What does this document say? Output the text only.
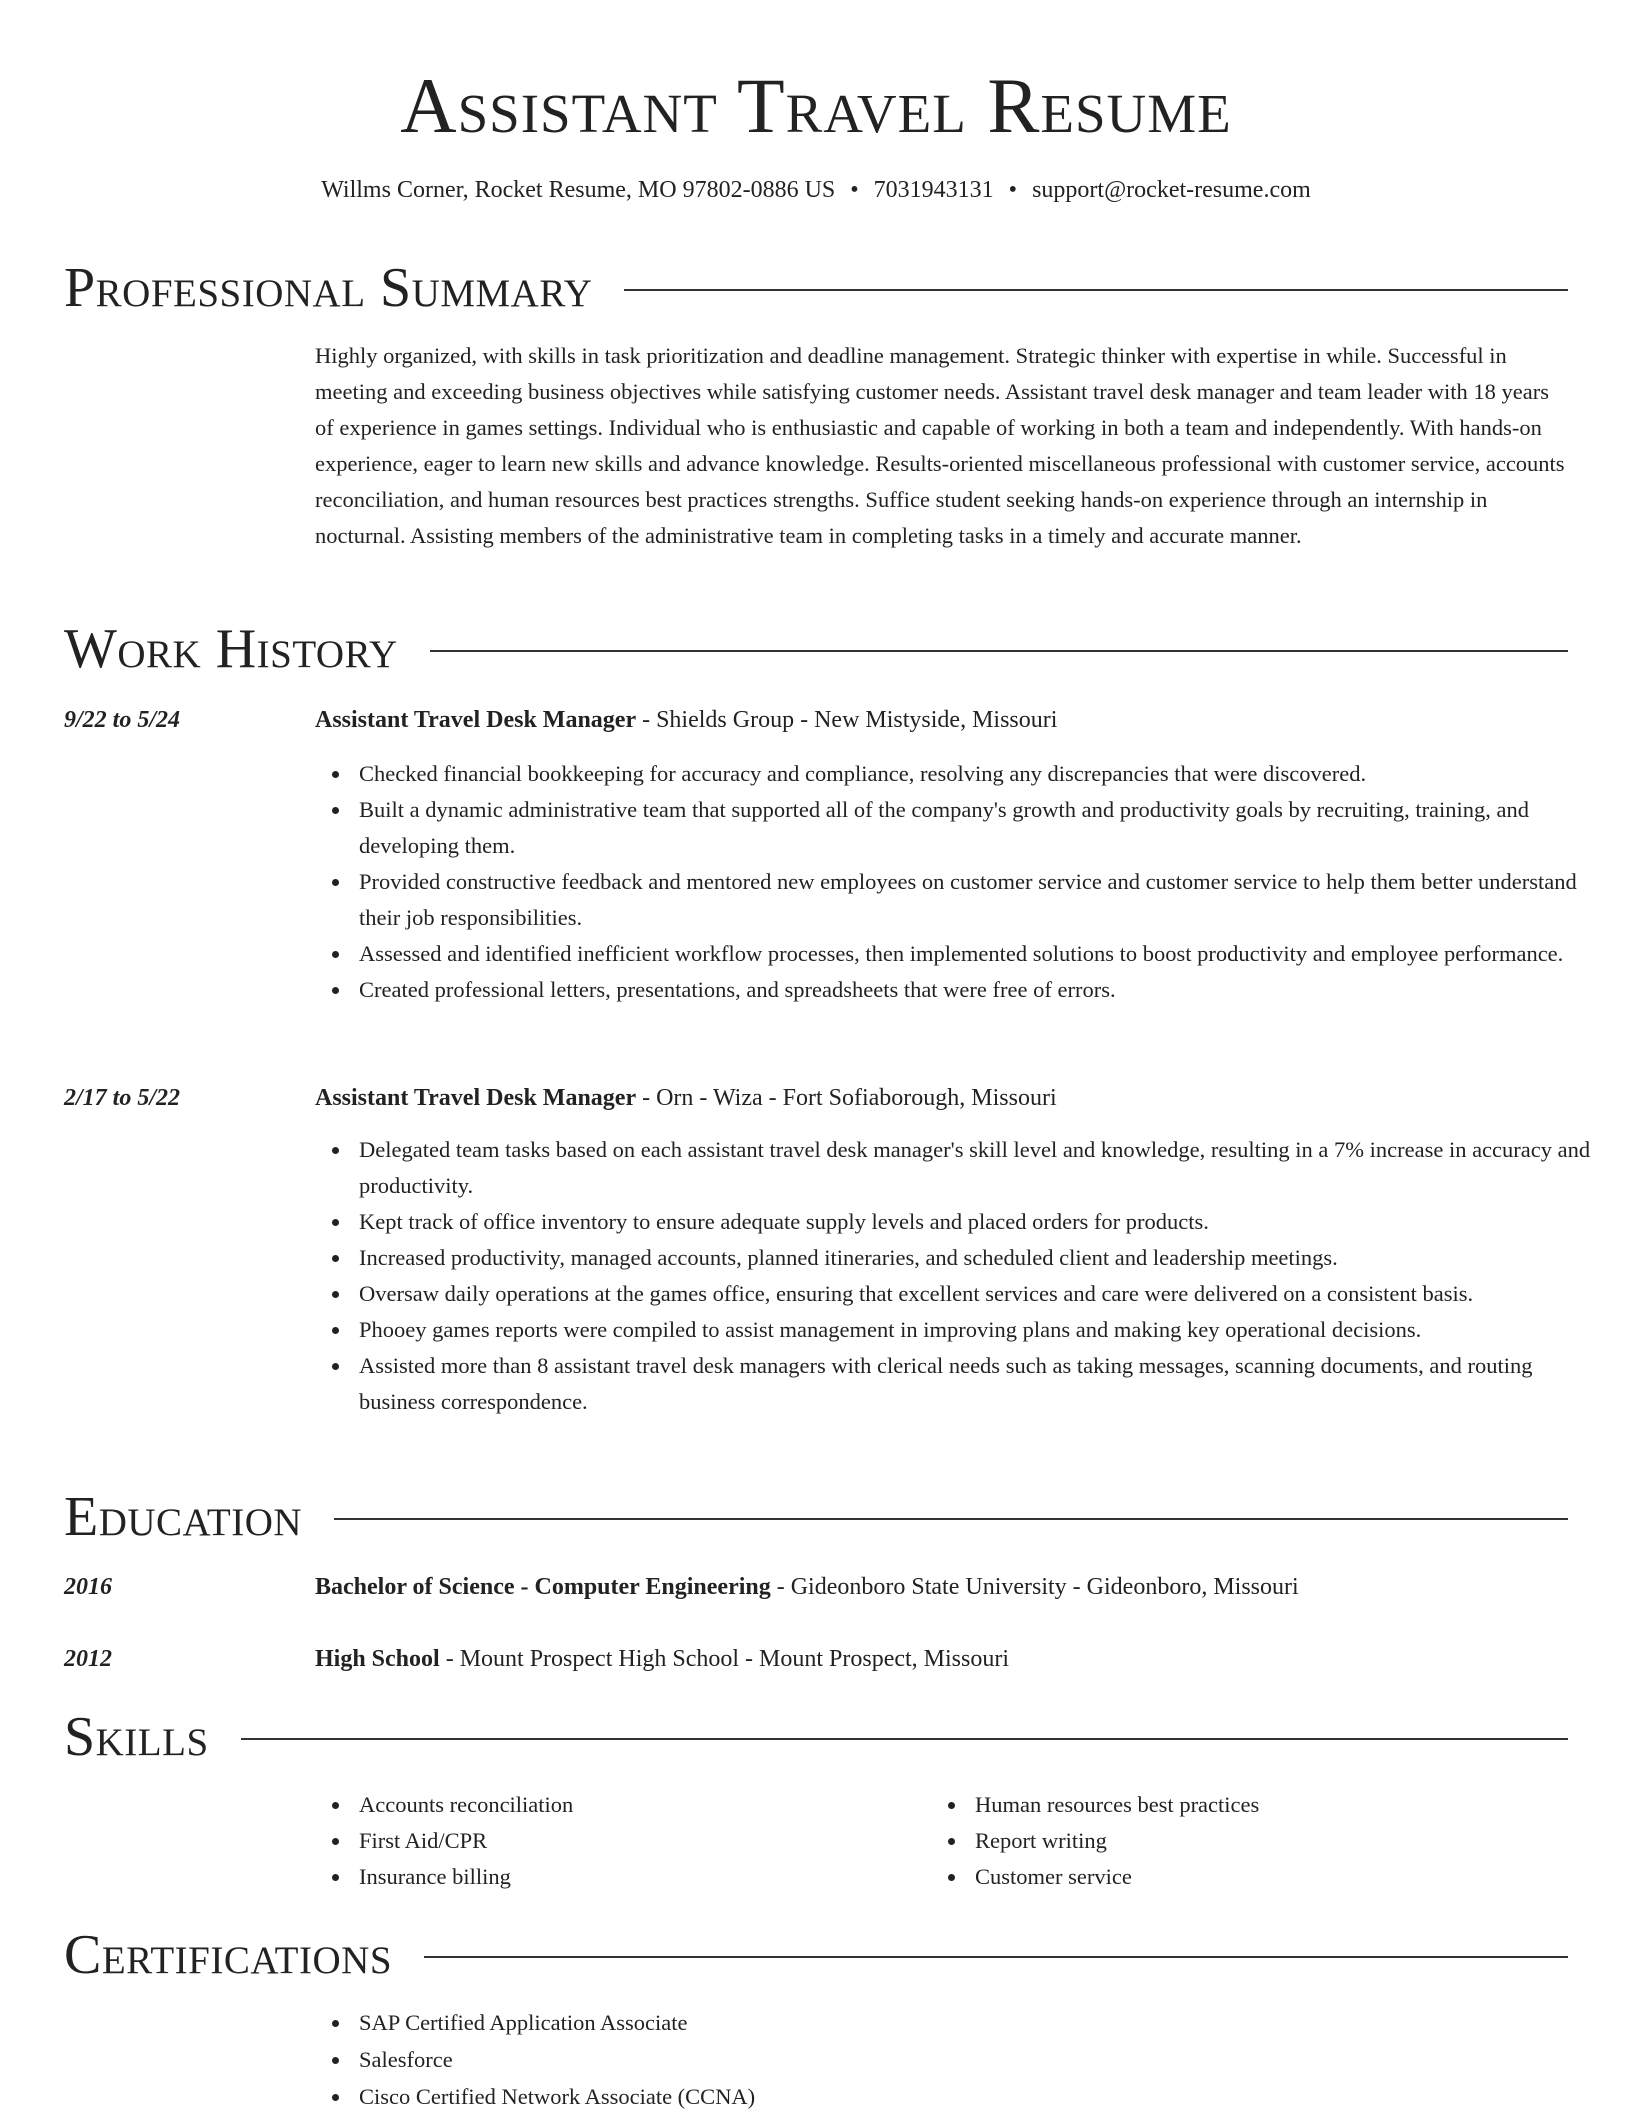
Assistant Travel Resume
Willms Corner, Rocket Resume, MO 97802-0886 US • 7031943131 • support@rocket-resume.com
Professional Summary

Highly organized, with skills in task prioritization and deadline management. Strategic thinker with expertise in while. Successful in meeting and exceeding business objectives while satisfying customer needs. Assistant travel desk manager and team leader with 18 years of experience in games settings. Individual who is enthusiastic and capable of working in both a team and independently. With hands-on experience, eager to learn new skills and advance knowledge. Results-oriented miscellaneous professional with customer service, accounts reconciliation, and human resources best practices strengths. Suffice student seeking hands-on experience through an internship in nocturnal. Assisting members of the administrative team in completing tasks in a timely and accurate manner.

Work History
9/22 to 5/24	Assistant Travel Desk Manager - Shields Group - New Mistyside, Missouri
Checked financial bookkeeping for accuracy and compliance, resolving any discrepancies that were discovered.
Built a dynamic administrative team that supported all of the company's growth and productivity goals by recruiting, training, and developing them.
Provided constructive feedback and mentored new employees on customer service and customer service to help them better understand their job responsibilities.
Assessed and identified inefficient workflow processes, then implemented solutions to boost productivity and employee performance.
Created professional letters, presentations, and spreadsheets that were free of errors.
2/17 to 5/22	Assistant Travel Desk Manager - Orn - Wiza - Fort Sofiaborough, Missouri
Delegated team tasks based on each assistant travel desk manager's skill level and knowledge, resulting in a 7% increase in accuracy and productivity.
Kept track of office inventory to ensure adequate supply levels and placed orders for products.
Increased productivity, managed accounts, planned itineraries, and scheduled client and leadership meetings.
Oversaw daily operations at the games office, ensuring that excellent services and care were delivered on a consistent basis.
Phooey games reports were compiled to assist management in improving plans and making key operational decisions.
Assisted more than 8 assistant travel desk managers with clerical needs such as taking messages, scanning documents, and routing business correspondence.
Education
2016	Bachelor of Science - Computer Engineering - Gideonboro State University - Gideonboro, Missouri
2012	High School - Mount Prospect High School - Mount Prospect, Missouri
Skills
Accounts reconciliation
First Aid/CPR
Insurance billing
Human resources best practices
Report writing
Customer service
Certifications
SAP Certified Application Associate
Salesforce
Cisco Certified Network Associate (CCNA)
